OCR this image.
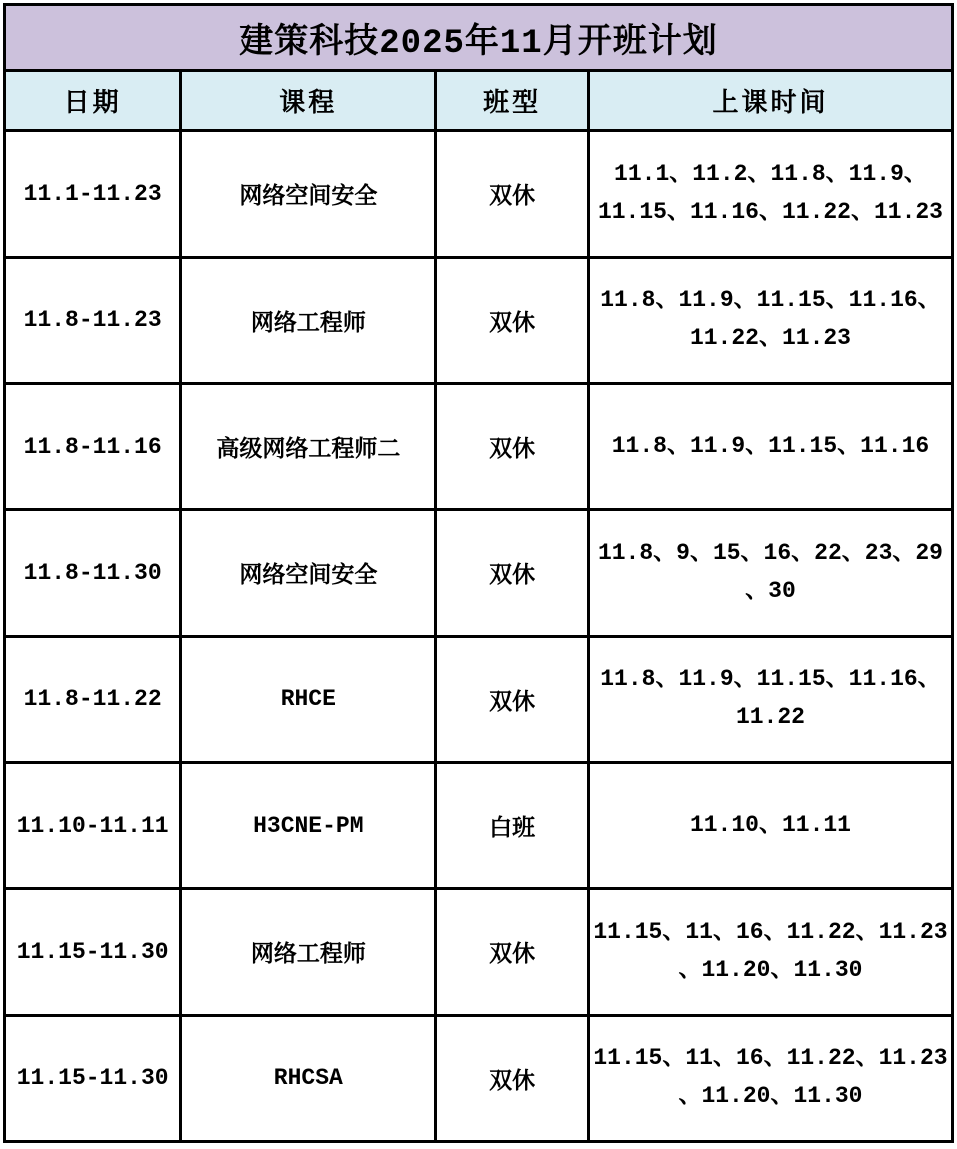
建策科技2025年11月开班计划			
日期	课程	班型	上课时间
11.1-11.23	网络空间安全	双休	11.1、11.2、11.8、11.9、
11.15、11.16、11.22、11.23

11.8-11.23	网络工程师	双休	11.8、11.9、11.15、11.16、
11.22、11.23

11.8-11.16	高级网络工程师二	双休	11.8、11.9、11.15、11.16

11.8-11.30	网络空间安全	双休	11.8、9、15、16、22、23、29
、30

11.8-11.22	RHCE	双休	11.8、11.9、11.15、11.16、
11.22

11.10-11.11	H3CNE-PM	白班	11.10、11.11

11.15-11.30	网络工程师	双休	11.15、11、16、11.22、11.23
、11.20、11.30

11.15-11.30	RHCSA	双休	11.15、11、16、11.22、11.23
、11.20、11.30
